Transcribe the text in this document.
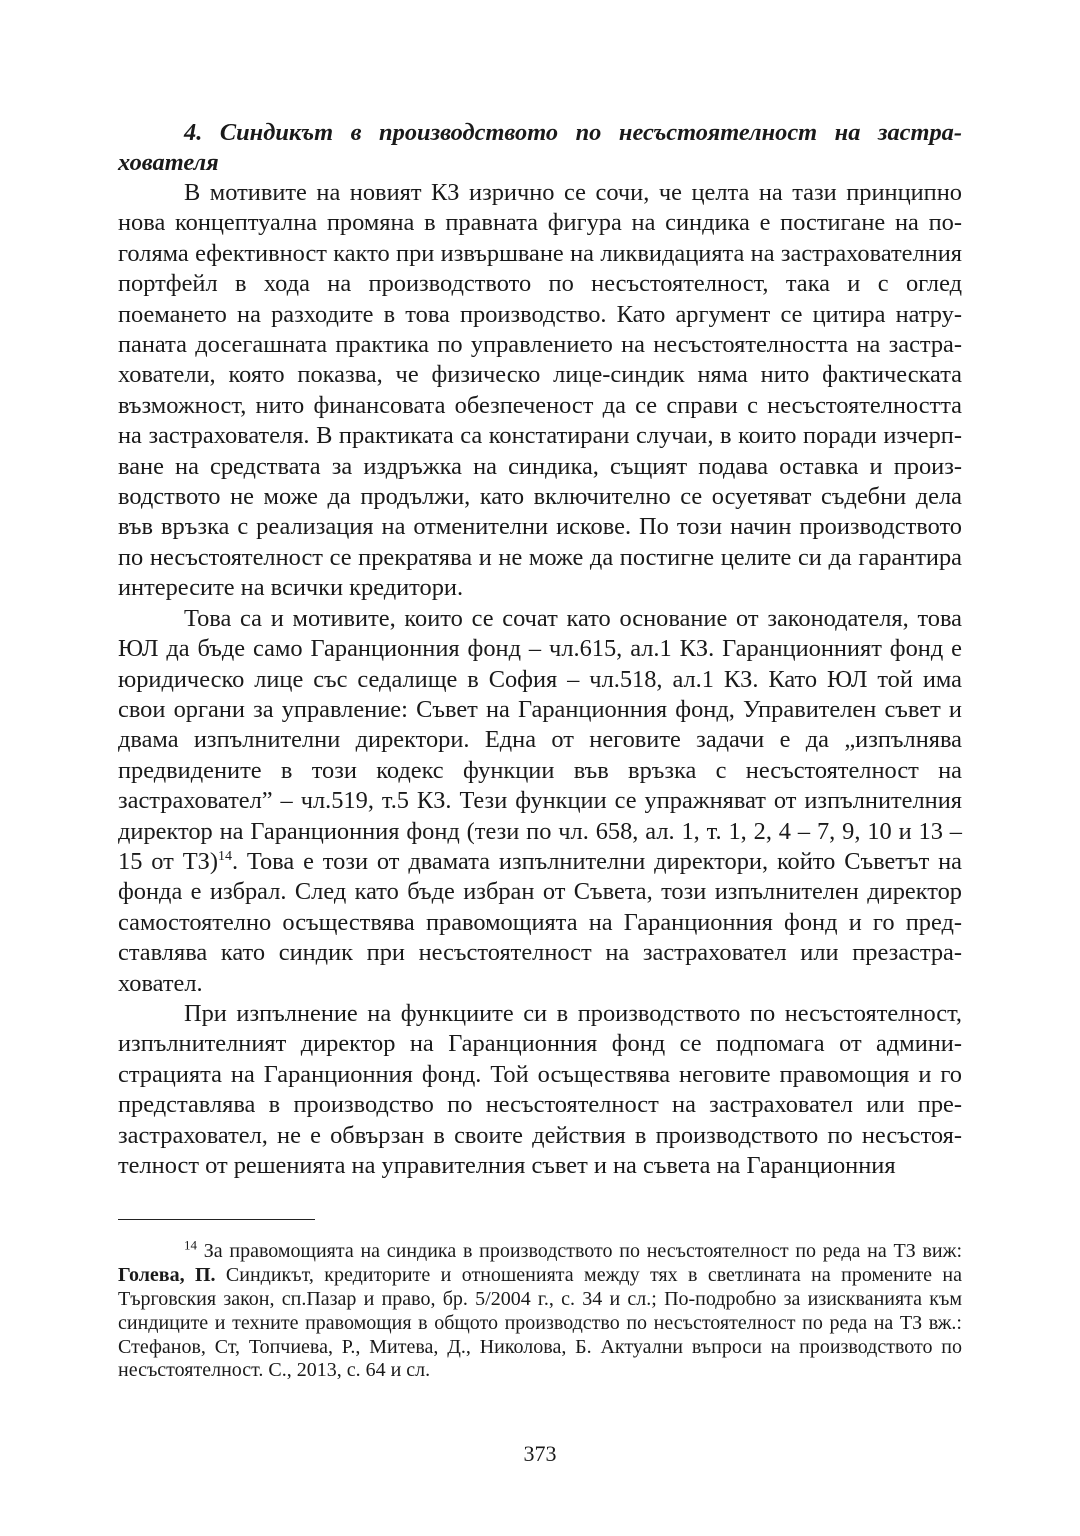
4. Синдикът в производството по несъстоятелност на застрахователя

В мотивите на новият КЗ изрично се сочи, че целта на тази принципно нова концептуална промяна в правната фигура на синдика е постигане на по-голяма ефективност както при извършване на ликвидацията на застрахователния портфейл в хода на производството по несъстоятелност, така и с оглед поемането на разходите в това производство. Като аргумент се цитира натрупаната досегашната практика по управлението на несъстоятелността на застрахователи, която показва, че физическо лице-синдик няма нито фактическата възможност, нито финансовата обезпеченост да се справи с несъстоятелността на застрахователя. В практиката са констатирани случаи, в които поради изчерпване на средствата за издръжка на синдика, същият подава оставка и производството не може да продължи, като включително се осуетяват съдебни дела във връзка с реализация на отменителни искове. По този начин производството по несъстоятелност се прекратява и не може да постигне целите си да гарантира интересите на всички кредитори.

Това са и мотивите, които се сочат като основание от законодателя, това ЮЛ да бъде само Гаранционния фонд – чл.615, ал.1 КЗ. Гаранционният фонд е юридическо лице със седалище в София – чл.518, ал.1 КЗ. Като ЮЛ той има свои органи за управление: Съвет на Гаранционния фонд, Управителен съвет и двама изпълнителни директори. Една от неговите задачи е да „изпълнява предвидените в този кодекс функции във връзка с несъстоятелност на застраховател” – чл.519, т.5 КЗ. Тези функции се упражняват от изпълнителния директор на Гаранционния фонд (тези по чл. 658, ал. 1, т. 1, 2, 4 – 7, 9, 10 и 13 – 15 от ТЗ)$^{14}$. Това е този от двамата изпълнителни директори, който Съветът на фонда е избрал. След като бъде избран от Съвета, този изпълнителен директор самостоятелно осъществява правомощията на Гаранционния фонд и го представлява като синдик при несъстоятелност на застраховател или презастраховател.

При изпълнение на функциите си в производството по несъстоятелност, изпълнителният директор на Гаранционния фонд се подпомага от администрацията на Гаранционния фонд. Той осъществява неговите правомощия и го представлява в производство по несъстоятелност на застраховател или презастраховател, не е обвързан в своите действия в производството по несъстоятелност от решенията на управителния съвет и на съвета на Гаранционния

$^{14}$ За правомощията на синдика в производството по несъстоятелност по реда на ТЗ виж: Голева, П. Синдикът, кредиторите и отношенията между тях в светлината на промените на Търговския закон, сп.Пазар и право, бр. 5/2004 г., с. 34 и сл.; По-подробно за изискванията към синдиците и техните правомощия в общото производство по несъстоятелност по реда на ТЗ вж.: Стефанов, Ст, Топчиева, Р., Митева, Д., Николова, Б. Актуални въпроси на производството по несъстоятелност. С., 2013, с. 64 и сл.

373
